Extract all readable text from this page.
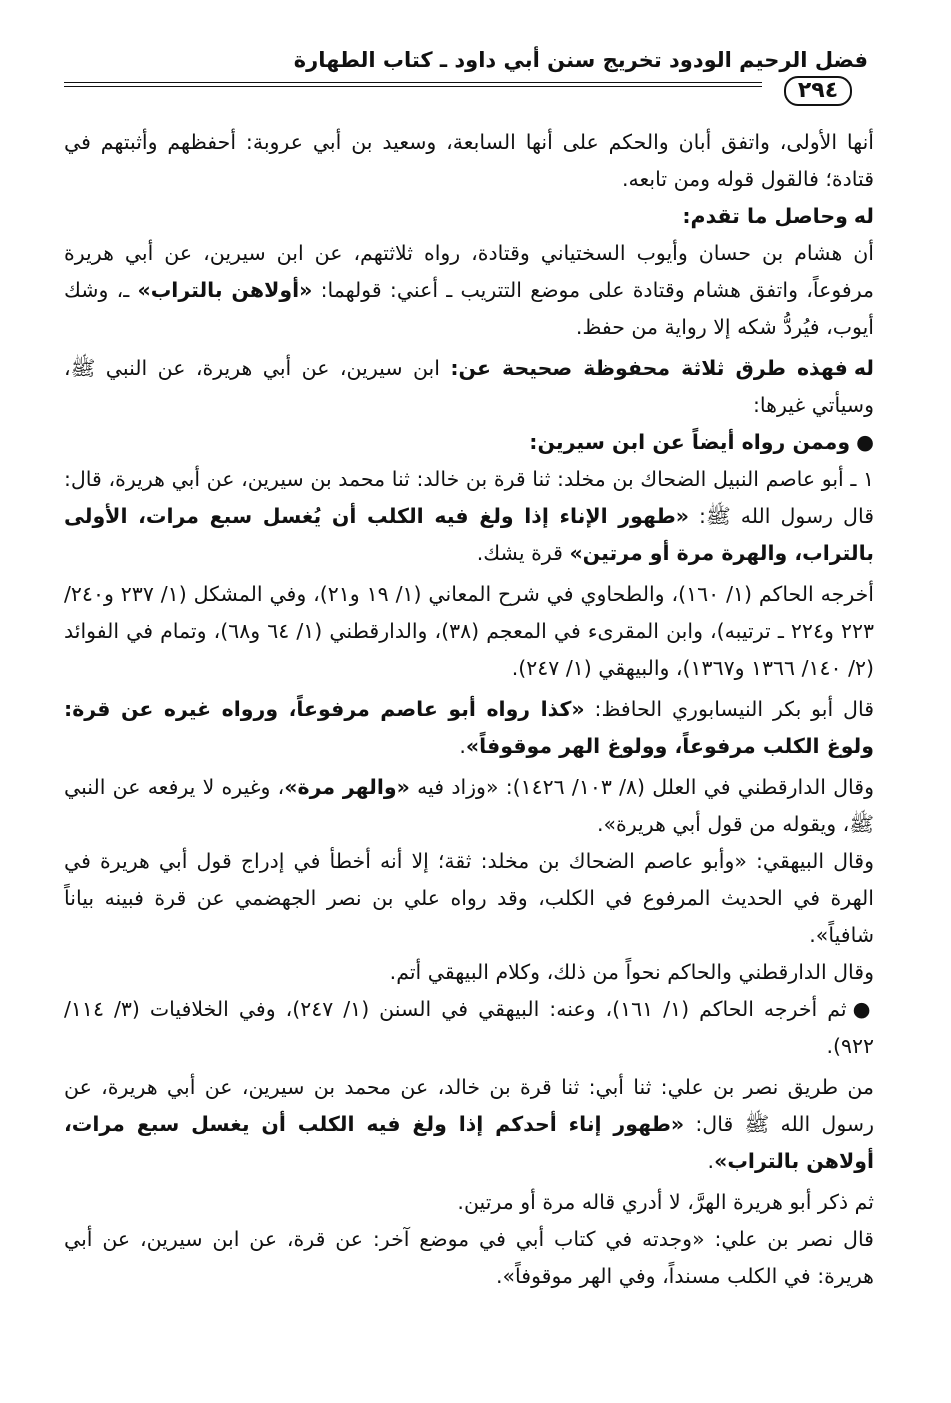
فضل الرحيم الودود تخريج سنن أبي داود ـ كتاب الطهارة
٢٩٤

أنها الأولى، واتفق أبان والحكم على أنها السابعة، وسعيد بن أبي عروبة: أحفظهم وأثبتهم في قتادة؛ فالقول قوله ومن تابعه.

ﻟﻪوحاصل ما تقدم:

أن هشام بن حسان وأيوب السختياني وقتادة، رواه ثلاثتهم، عن ابن سيرين، عن أبي هريرة مرفوعاً، واتفق هشام وقتادة على موضع التتريب ـ أعني: قولهما: «أولاهن بالتراب» ـ، وشك أيوب، فيُردُّ شكه إلا رواية من حفظ.

ﻟﻪفهذه طرق ثلاثة محفوظة صحيحة عن: ابن سيرين، عن أبي هريرة، عن النبي ﷺ، وسيأتي غيرها:

●وممن رواه أيضاً عن ابن سيرين:

١ ـ أبو عاصم النبيل الضحاك بن مخلد: ثنا قرة بن خالد: ثنا محمد بن سيرين، عن أبي هريرة، قال: قال رسول الله ﷺ: «طهور الإناء إذا ولغ فيه الكلب أن يُغسل سبع مرات، الأولى بالتراب، والهرة مرة أو مرتين» قرة يشك.

أخرجه الحاكم (١/ ١٦٠)، والطحاوي في شرح المعاني (١/ ١٩ و٢١)، وفي المشكل (١/ ٢٣٧ و٢٤٠/ ٢٢٣ و٢٢٤ ـ ترتيبه)، وابن المقرىء في المعجم (٣٨)، والدارقطني (١/ ٦٤ و٦٨)، وتمام في الفوائد (٢/ ١٤٠/ ١٣٦٦ و١٣٦٧)، والبيهقي (١/ ٢٤٧).

قال أبو بكر النيسابوري الحافظ: «كذا رواه أبو عاصم مرفوعاً، ورواه غيره عن قرة: ولوغ الكلب مرفوعاً، وولوغ الهر موقوفاً».

وقال الدارقطني في العلل (٨/ ١٠٣/ ١٤٢٦): «وزاد فيه «والهر مرة»، وغيره لا يرفعه عن النبي ﷺ، ويقوله من قول أبي هريرة».

وقال البيهقي: «وأبو عاصم الضحاك بن مخلد: ثقة؛ إلا أنه أخطأ في إدراج قول أبي هريرة في الهرة في الحديث المرفوع في الكلب، وقد رواه علي بن نصر الجهضمي عن قرة فبينه بياناً شافياً».

وقال الدارقطني والحاكم نحواً من ذلك، وكلام البيهقي أتم.

●ثم أخرجه الحاكم (١/ ١٦١)، وعنه: البيهقي في السنن (١/ ٢٤٧)، وفي الخلافيات (٣/ ١١٤/ ٩٢٢).

من طريق نصر بن علي: ثنا أبي: ثنا قرة بن خالد، عن محمد بن سيرين، عن أبي هريرة، عن رسول الله ﷺ قال: «طهور إناء أحدكم إذا ولغ فيه الكلب أن يغسل سبع مرات، أولاهن بالتراب».

ثم ذكر أبو هريرة الهرَّ، لا أدري قاله مرة أو مرتين.

قال نصر بن علي: «وجدته في كتاب أبي في موضع آخر: عن قرة، عن ابن سيرين، عن أبي هريرة: في الكلب مسنداً، وفي الهر موقوفاً».
